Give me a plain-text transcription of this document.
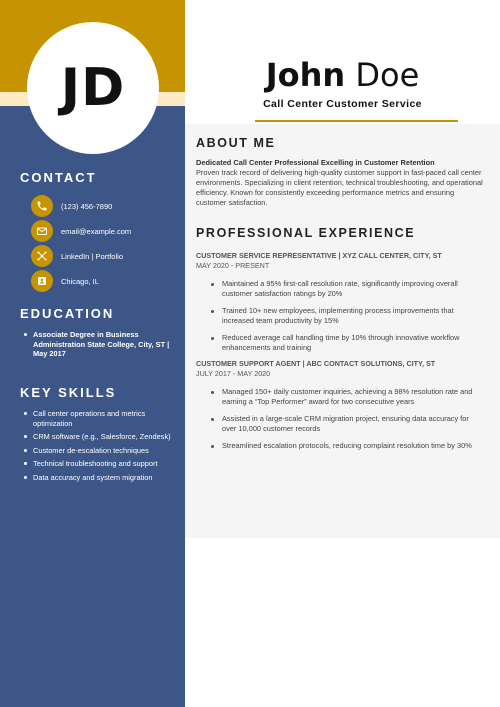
JD
CONTACT
(123) 456-7890
email@example.com
LinkedIn | Portfolio
Chicago, IL
EDUCATION
Associate Degree in Business Administration State College, City, ST | May 2017
KEY SKILLS
Call center operations and metrics optimization
CRM software (e.g., Salesforce, Zendesk)
Customer de-escalation techniques
Technical troubleshooting and support
Data accuracy and system migration
John Doe
Call Center Customer Service
ABOUT ME
Dedicated Call Center Professional Excelling in Customer Retention
Proven track record of delivering high-quality customer support in fast-paced call center environments. Specializing in client retention, technical troubleshooting, and operational efficiency. Known for consistently exceeding performance metrics and ensuring customer satisfaction.
PROFESSIONAL EXPERIENCE
CUSTOMER SERVICE REPRESENTATIVE | XYZ CALL CENTER, CITY, ST
MAY 2020 - PRESENT
Maintained a 95% first-call resolution rate, significantly improving overall customer satisfaction ratings by 20%
Trained 10+ new employees, implementing process improvements that increased team productivity by 15%
Reduced average call handling time by 10% through innovative workflow enhancements and training
CUSTOMER SUPPORT AGENT | ABC CONTACT SOLUTIONS, CITY, ST
JULY 2017 - MAY 2020
Managed 150+ daily customer inquiries, achieving a 98% resolution rate and earning a “Top Performer” award for two consecutive years
Assisted in a large-scale CRM migration project, ensuring data accuracy for over 10,000 customer records
Streamlined escalation protocols, reducing complaint resolution time by 30%
